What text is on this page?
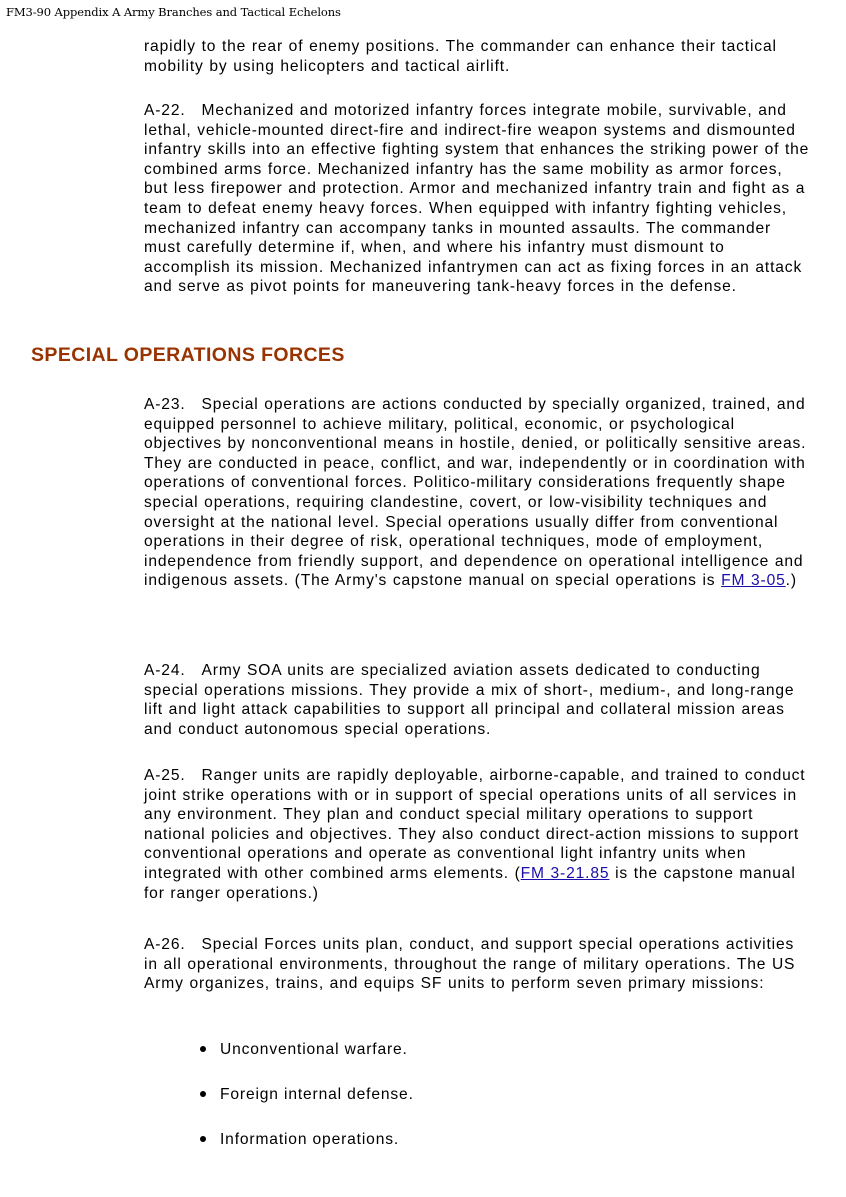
FM3-90 Appendix A Army Branches and Tactical Echelons

rapidly to the rear of enemy positions. The commander can enhance their tactical mobility by using helicopters and tactical airlift.

A-22. Mechanized and motorized infantry forces integrate mobile, survivable, and lethal, vehicle-mounted direct-fire and indirect-fire weapon systems and dismounted infantry skills into an effective fighting system that enhances the striking power of the combined arms force. Mechanized infantry has the same mobility as armor forces, but less firepower and protection. Armor and mechanized infantry train and fight as a team to defeat enemy heavy forces. When equipped with infantry fighting vehicles, mechanized infantry can accompany tanks in mounted assaults. The commander must carefully determine if, when, and where his infantry must dismount to accomplish its mission. Mechanized infantrymen can act as fixing forces in an attack and serve as pivot points for maneuvering tank-heavy forces in the defense.

SPECIAL OPERATIONS FORCES

A-23. Special operations are actions conducted by specially organized, trained, and equipped personnel to achieve military, political, economic, or psychological objectives by nonconventional means in hostile, denied, or politically sensitive areas. They are conducted in peace, conflict, and war, independently or in coordination with operations of conventional forces. Politico-military considerations frequently shape special operations, requiring clandestine, covert, or low-visibility techniques and oversight at the national level. Special operations usually differ from conventional operations in their degree of risk, operational techniques, mode of employment, independence from friendly support, and dependence on operational intelligence and indigenous assets. (The Army's capstone manual on special operations is FM 3-05.)

A-24. Army SOA units are specialized aviation assets dedicated to conducting special operations missions. They provide a mix of short-, medium-, and long-range lift and light attack capabilities to support all principal and collateral mission areas and conduct autonomous special operations.

A-25. Ranger units are rapidly deployable, airborne-capable, and trained to conduct joint strike operations with or in support of special operations units of all services in any environment. They plan and conduct special military operations to support national policies and objectives. They also conduct direct-action missions to support conventional operations and operate as conventional light infantry units when integrated with other combined arms elements. (FM 3-21.85 is the capstone manual for ranger operations.)

A-26. Special Forces units plan, conduct, and support special operations activities in all operational environments, throughout the range of military operations. The US Army organizes, trains, and equips SF units to perform seven primary missions:

Unconventional warfare.
Foreign internal defense.
Information operations.
